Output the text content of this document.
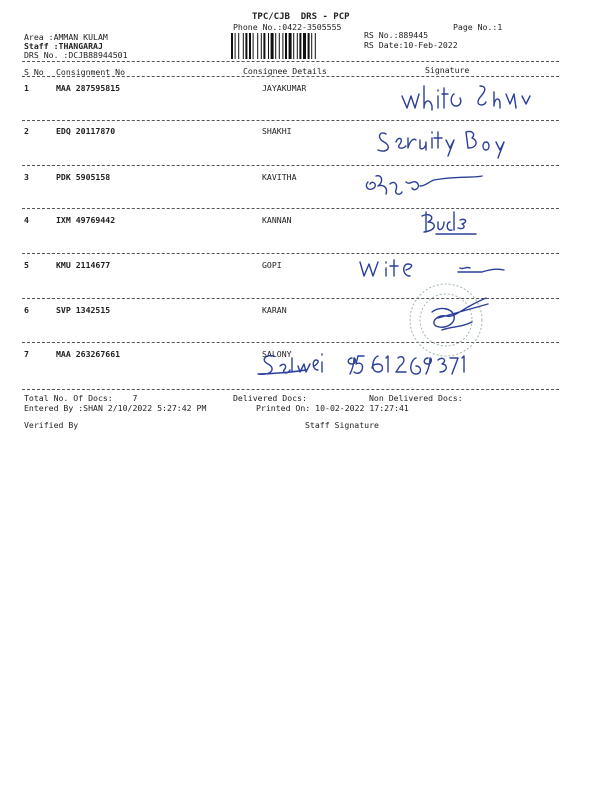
TPC/CJB  DRS - PCP
Phone No.:0422-3505555	Page No.:1
Area :AMMAN KULAM
Staff :THANGARAJ
DRS No. :DCJB88944501
RS No.:889445
RS Date:10-Feb-2022
S No Consignment No	Consignee Details	Signature
1	MAA 287595815	JAYAKUMAR
2	EDQ 20117870	SHAKHI
3	PDK 5905158	KAVITHA
4	IXM 49769442	KANNAN
5	KMU 2114677	GOPI
6	SVP 1342515	KARAN
7	MAA 263267661	SALONY
Total No. Of Docs:    7	Delivered Docs:	Non Delivered Docs:
Entered By :SHAN 2/10/2022 5:27:42 PM	Printed On: 10-02-2022 17:27:41
Verified By	Staff Signature
